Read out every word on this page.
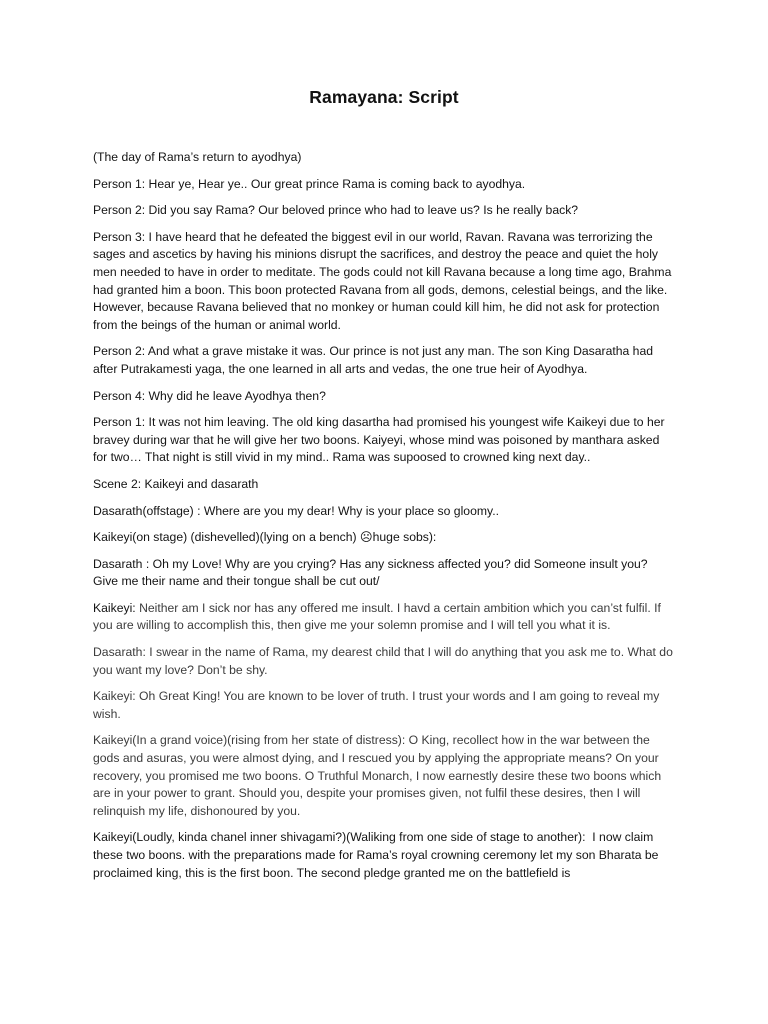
Ramayana: Script

(The day of Rama’s return to ayodhya)

Person 1: Hear ye, Hear ye.. Our great prince Rama is coming back to ayodhya.

Person 2: Did you say Rama? Our beloved prince who had to leave us? Is he really back?

Person 3: I have heard that he defeated the biggest evil in our world, Ravan. Ravana was terrorizing the sages and ascetics by having his minions disrupt the sacrifices, and destroy the peace and quiet the holy men needed to have in order to meditate. The gods could not kill Ravana because a long time ago, Brahma had granted him a boon. This boon protected Ravana from all gods, demons, celestial beings, and the like. However, because Ravana believed that no monkey or human could kill him, he did not ask for protection from the beings of the human or animal world.

Person 2: And what a grave mistake it was. Our prince is not just any man. The son King Dasaratha had after Putrakamesti yaga, the one learned in all arts and vedas, the one true heir of Ayodhya.

Person 4: Why did he leave Ayodhya then?

Person 1: It was not him leaving. The old king dasartha had promised his youngest wife Kaikeyi due to her bravey during war that he will give her two boons. Kaiyeyi, whose mind was poisoned by manthara asked for two… That night is still vivid in my mind.. Rama was supoosed to crowned king next day..

Scene 2: Kaikeyi and dasarath

Dasarath(offstage) : Where are you my dear! Why is your place so gloomy..

Kaikeyi(on stage) (dishevelled)(lying on a bench) ☹huge sobs):

Dasarath : Oh my Love! Why are you crying? Has any sickness affected you? did Someone insult you? Give me their name and their tongue shall be cut out/

Kaikeyi: Neither am I sick nor has any offered me insult. I havd a certain ambition which you can’st fulfil. If you are willing to accomplish this, then give me your solemn promise and I will tell you what it is.

Dasarath: I swear in the name of Rama, my dearest child that I will do anything that you ask me to. What do you want my love? Don’t be shy.

Kaikeyi: Oh Great King! You are known to be lover of truth. I trust your words and I am going to reveal my wish.

Kaikeyi(In a grand voice)(rising from her state of distress): O King, recollect how in the war between the gods and asuras, you were almost dying, and I rescued you by applying the appropriate means? On your recovery, you promised me two boons. O Truthful Monarch, I now earnestly desire these two boons which are in your power to grant. Should you, despite your promises given, not fulfil these desires, then I will relinquish my life, dishonoured by you.

Kaikeyi(Loudly, kinda chanel inner shivagami?)(Waliking from one side of stage to another):  I now claim these two boons. with the preparations made for Rama’s royal crowning ceremony let my son Bharata be proclaimed king, this is the first boon. The second pledge granted me on the battlefield is
